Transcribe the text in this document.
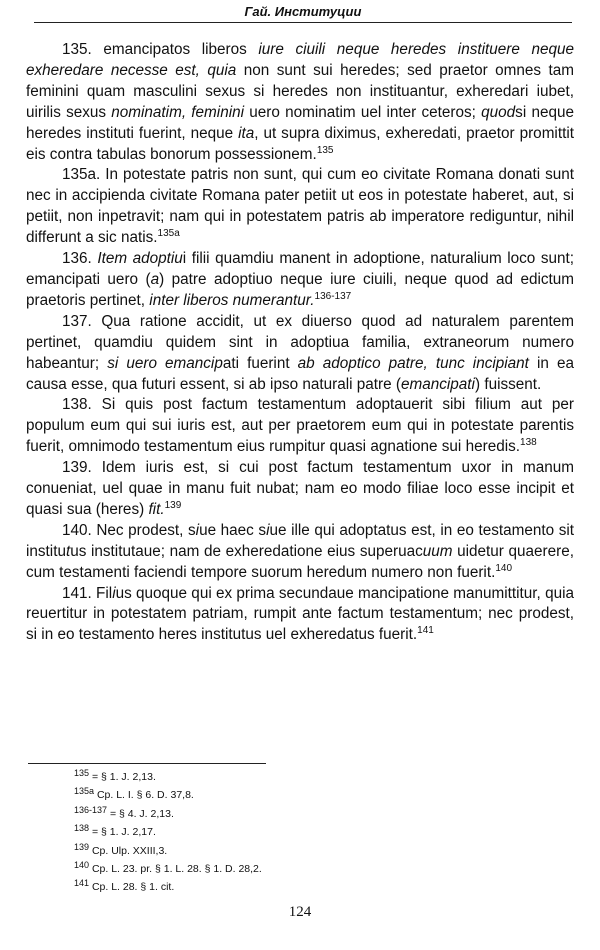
Гай. Институции

135. emancipatos liberos iure ciuili neque heredes instituere neque exheredare necesse est, quia non sunt sui heredes; sed praetor omnes tam feminini quam masculini sexus si heredes non instituantur, exheredari iubet, uirilis sexus nominatim, feminini uero nominatim uel inter ceteros; quodsi neque heredes instituti fuerint, neque ita, ut supra diximus, exheredati, praetor promittit eis contra tabulas bonorum possessionem.$^{135}$

135a. In potestate patris non sunt, qui cum eo civitate Romana donati sunt nec in accipienda civitate Romana pater petiit ut eos in potestate haberet, aut, si petiit, non inpetravit; nam qui in potestatem patris ab imperatore rediguntur, nihil differunt a sic natis.$^{135a}$

136. Item adoptiui filii quamdiu manent in adoptione, naturalium loco sunt; emancipati uero (a) patre adoptiuo neque iure ciuili, neque quod ad edictum praetoris pertinet, inter liberos numerantur.$^{136-137}$

137. Qua ratione accidit, ut ex diuerso quod ad naturalem parentem pertinet, quamdiu quidem sint in adoptiua familia, extraneorum numero habeantur; si uero emancipati fuerint ab adoptico patre, tunc incipiant in ea causa esse, qua futuri essent, si ab ipso naturali patre (emancipati) fuissent.

138. Si quis post factum testamentum adoptauerit sibi filium aut per populum eum qui sui iuris est, aut per praetorem eum qui in potestate parentis fuerit, omnimodo testamentum eius rumpitur quasi agnatione sui heredis.$^{138}$

139. Idem iuris est, si cui post factum testamentum uxor in manum conueniat, uel quae in manu fuit nubat; nam eo modo filiae loco esse incipit et quasi sua (heres) fit.$^{139}$

140. Nec prodest, siue haec siue ille qui adoptatus est, in eo testamento sit institutus institutaue; nam de exheredatione eius superuacuum uidetur quaerere, cum testamenti faciendi tempore suorum heredum numero non fuerit.$^{140}$

141. Filius quoque qui ex prima secundaue mancipatione manumittitur, quia reuertitur in potestatem patriam, rumpit ante factum testamentum; nec prodest, si in eo testamento heres institutus uel exheredatus fuerit.$^{141}$

$^{135}$ = § 1. J. 2,13.
$^{135a}$ Cp. L. I. § 6. D. 37,8.
$^{136-137}$ = § 4. J. 2,13.
$^{138}$ = § 1. J. 2,17.
$^{139}$ Cp. Ulp. XXIII,3.
$^{140}$ Cp. L. 23. pr. § 1. L. 28. § 1. D. 28,2.
$^{141}$ Cp. L. 28. § 1. cit.
124
